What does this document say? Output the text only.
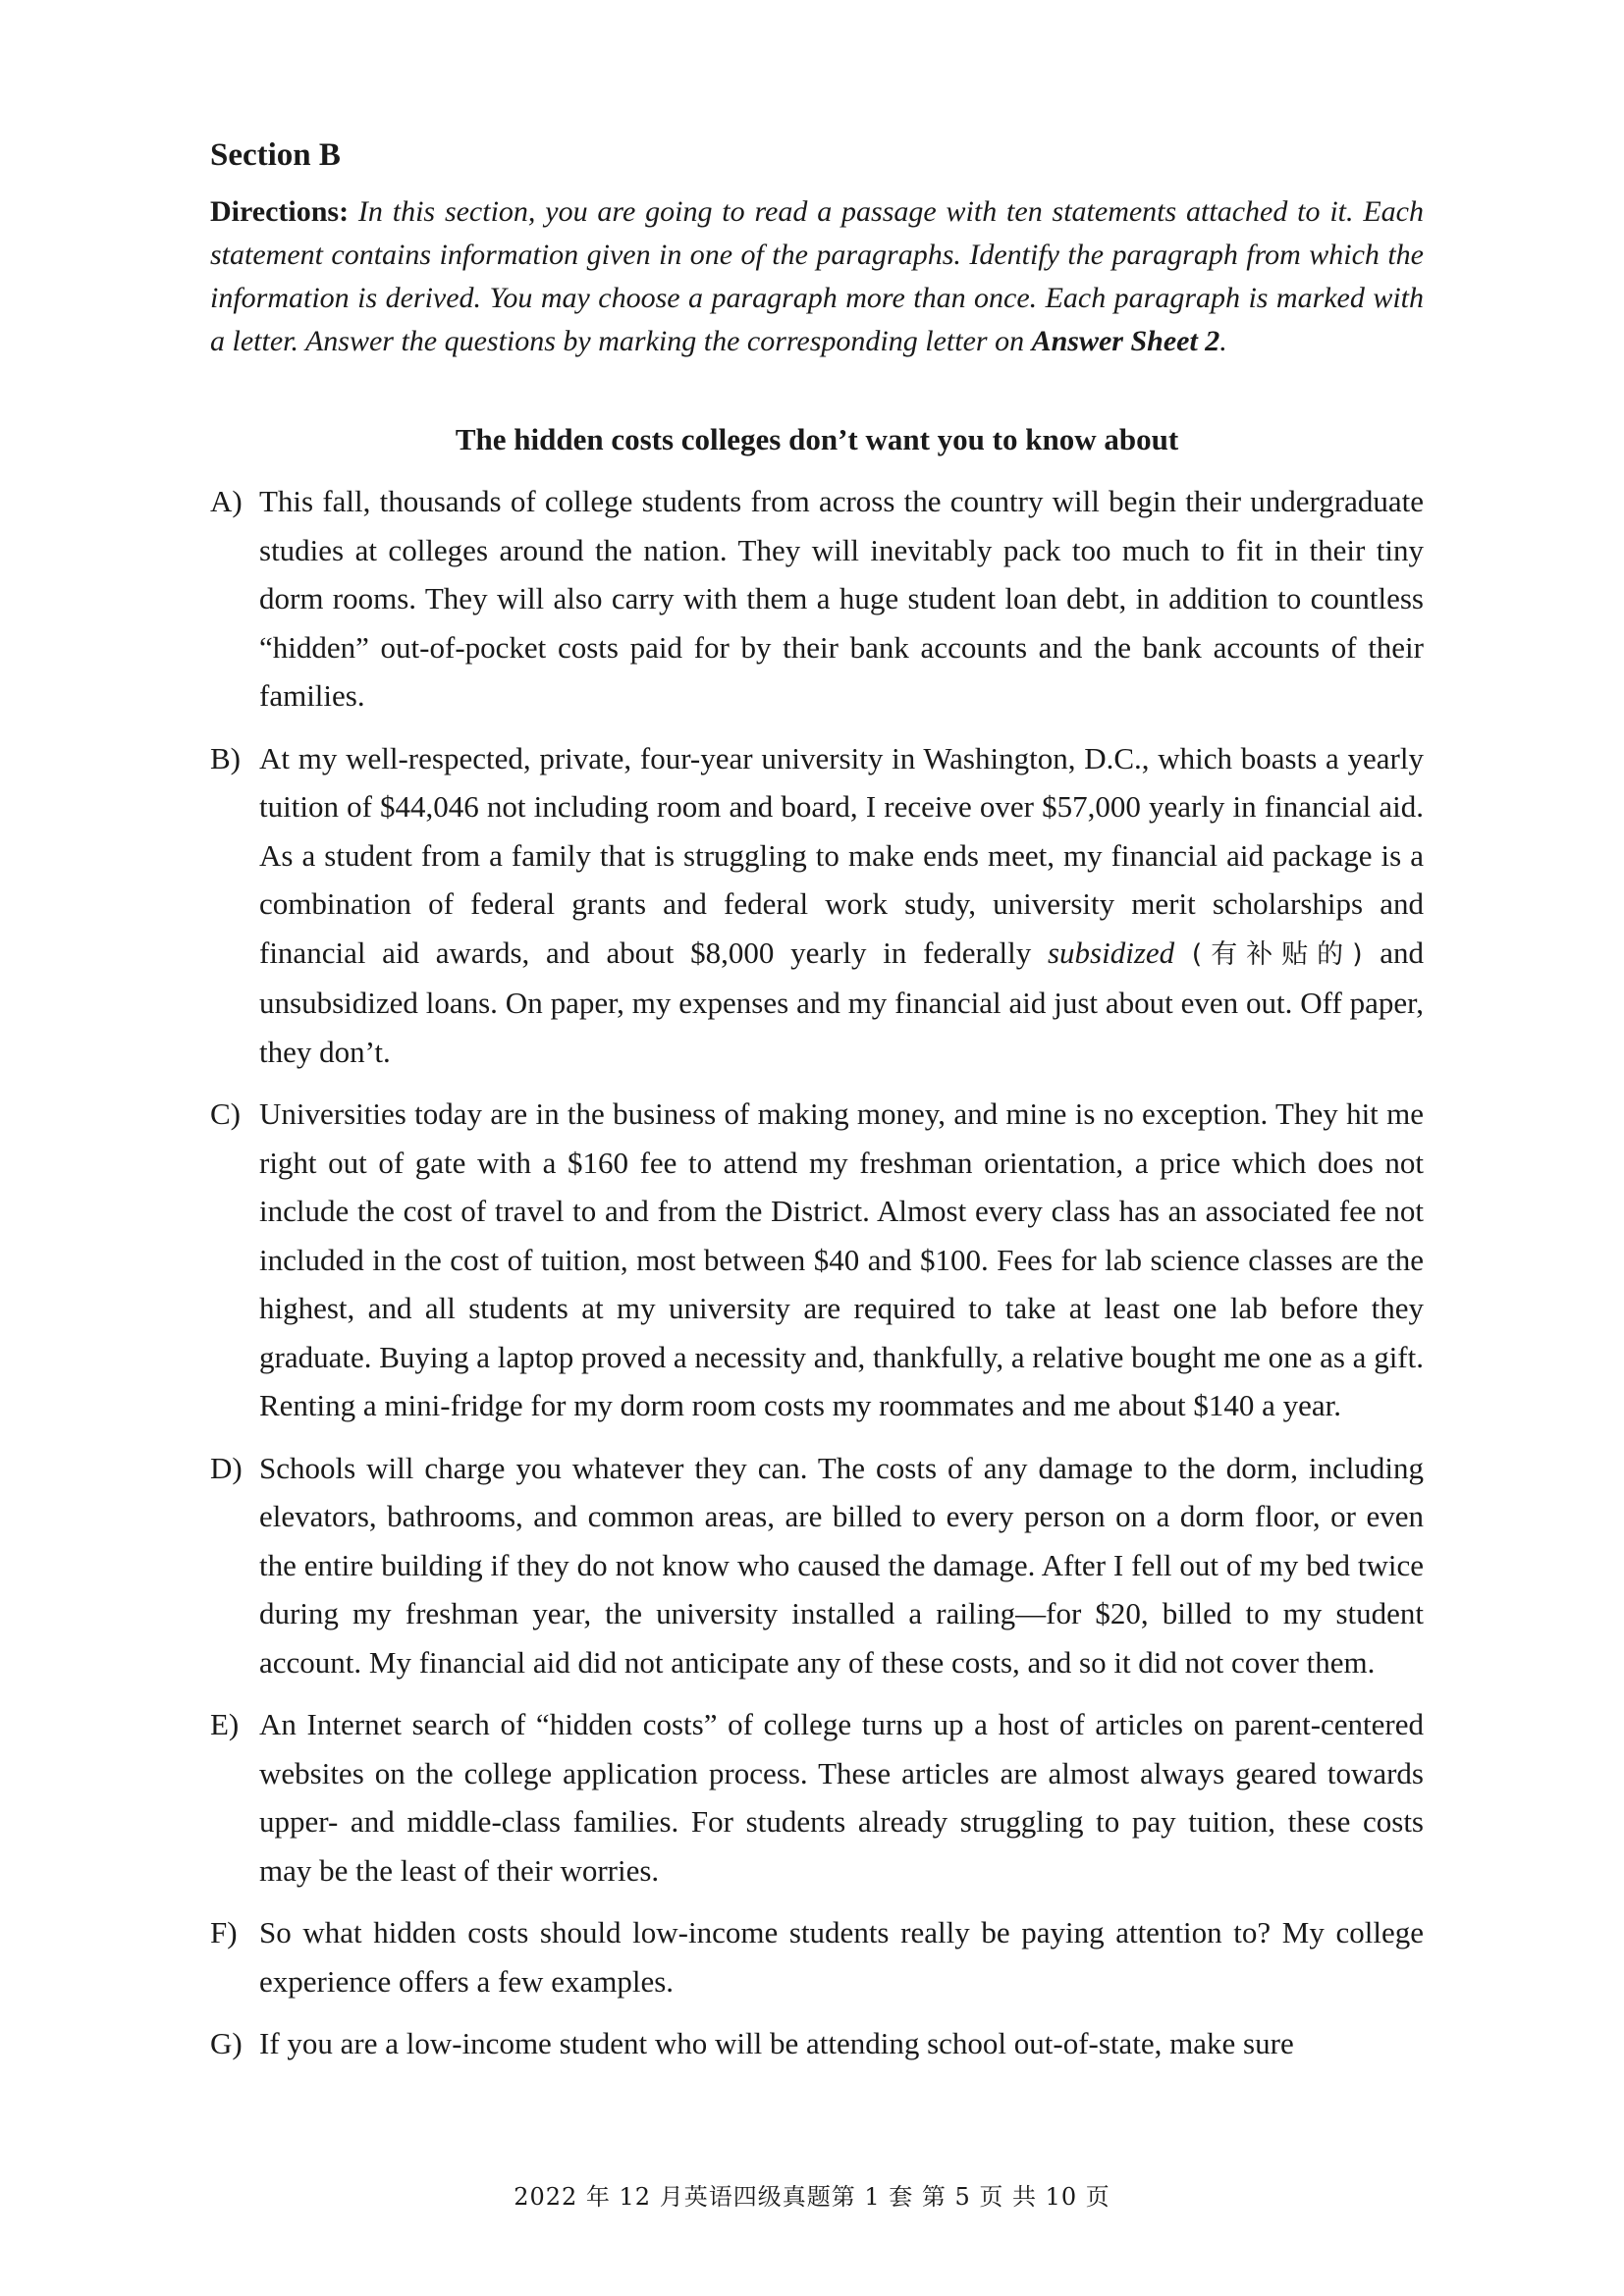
Section B

Directions: In this section, you are going to read a passage with ten statements attached to it. Each statement contains information given in one of the paragraphs. Identify the paragraph from which the information is derived. You may choose a paragraph more than once. Each paragraph is marked with a letter. Answer the questions by marking the corresponding letter on Answer Sheet 2.

The hidden costs colleges don’t want you to know about

A) This fall, thousands of college students from across the country will begin their undergraduate studies at colleges around the nation. They will inevitably pack too much to fit in their tiny dorm rooms. They will also carry with them a huge student loan debt, in addition to countless “hidden” out-of-pocket costs paid for by their bank accounts and the bank accounts of their families.

B) At my well-respected, private, four-year university in Washington, D.C., which boasts a yearly tuition of $44,046 not including room and board, I receive over $57,000 yearly in financial aid. As a student from a family that is struggling to make ends meet, my financial aid package is a combination of federal grants and federal work study, university merit scholarships and financial aid awards, and about $8,000 yearly in federally subsidized (有补贴的) and unsubsidized loans. On paper, my expenses and my financial aid just about even out. Off paper, they don’t.

C) Universities today are in the business of making money, and mine is no exception. They hit me right out of gate with a $160 fee to attend my freshman orientation, a price which does not include the cost of travel to and from the District. Almost every class has an associated fee not included in the cost of tuition, most between $40 and $100. Fees for lab science classes are the highest, and all students at my university are required to take at least one lab before they graduate. Buying a laptop proved a necessity and, thankfully, a relative bought me one as a gift. Renting a mini-fridge for my dorm room costs my roommates and me about $140 a year.

D) Schools will charge you whatever they can. The costs of any damage to the dorm, including elevators, bathrooms, and common areas, are billed to every person on a dorm floor, or even the entire building if they do not know who caused the damage. After I fell out of my bed twice during my freshman year, the university installed a railing—for $20, billed to my student account. My financial aid did not anticipate any of these costs, and so it did not cover them.

E) An Internet search of “hidden costs” of college turns up a host of articles on parent-centered websites on the college application process. These articles are almost always geared towards upper- and middle-class families. For students already struggling to pay tuition, these costs may be the least of their worries.

F) So what hidden costs should low-income students really be paying attention to? My college experience offers a few examples.

G) If you are a low-income student who will be attending school out-of-state, make sure

2022 年 12 月英语四级真题第 1 套 第 5 页 共 10 页
